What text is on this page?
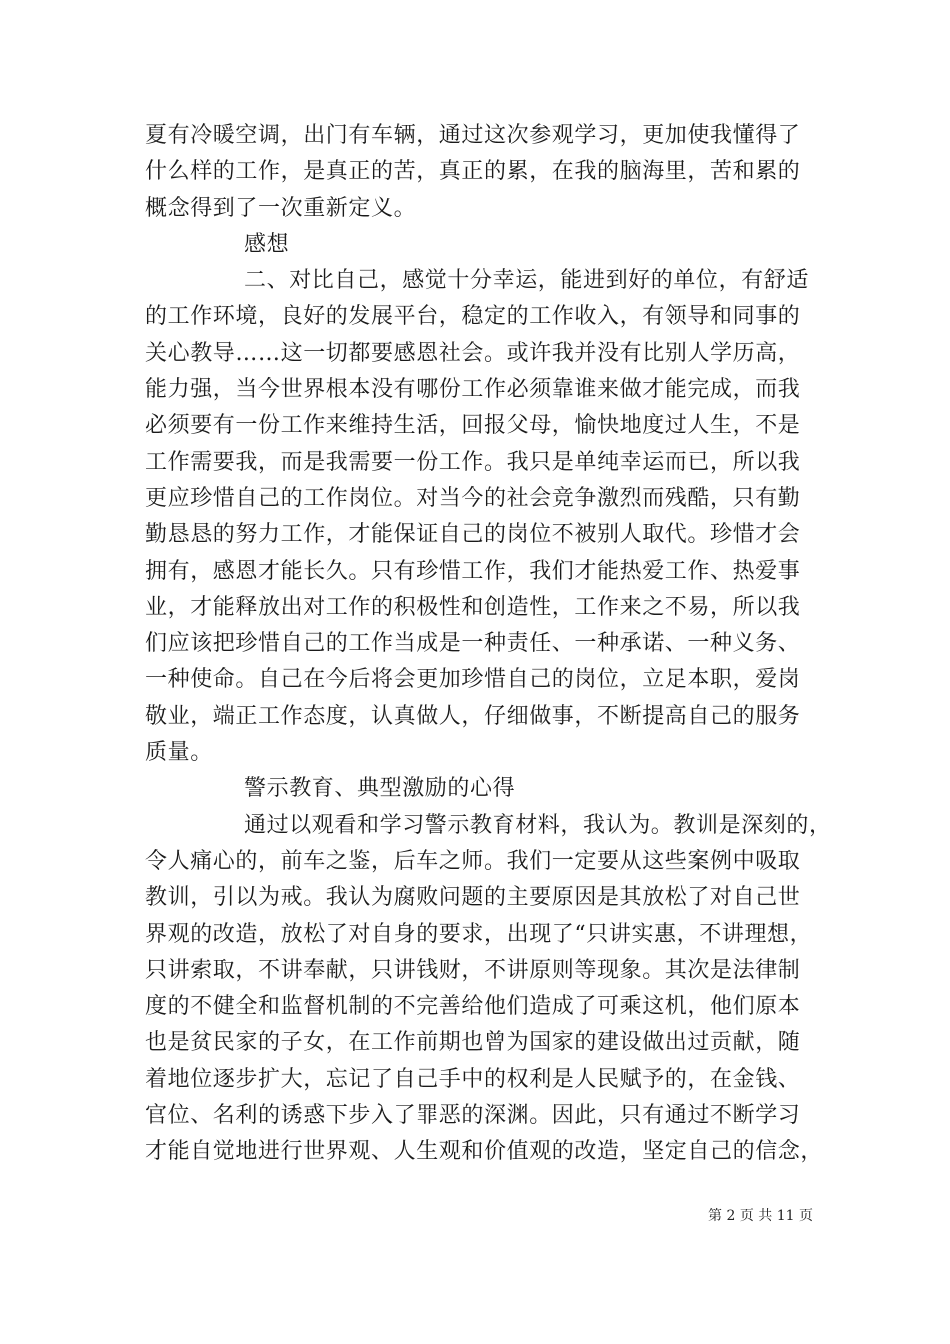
夏有冷暖空调，出门有车辆，通过这次参观学习，更加使我懂得了
什么样的工作，是真正的苦，真正的累，在我的脑海里，苦和累的
概念得到了一次重新定义。
感想
二、对比自己，感觉十分幸运，能进到好的单位，有舒适
的工作环境，良好的发展平台，稳定的工作收入，有领导和同事的
关心教导……这一切都要感恩社会。或许我并没有比别人学历高，
能力强，当今世界根本没有哪份工作必须靠谁来做才能完成，而我
必须要有一份工作来维持生活，回报父母，愉快地度过人生，不是
工作需要我，而是我需要一份工作。我只是单纯幸运而已，所以我
更应珍惜自己的工作岗位。对当今的社会竞争激烈而残酷，只有勤
勤恳恳的努力工作，才能保证自己的岗位不被别人取代。珍惜才会
拥有，感恩才能长久。只有珍惜工作，我们才能热爱工作、热爱事
业，才能释放出对工作的积极性和创造性，工作来之不易，所以我
们应该把珍惜自己的工作当成是一种责任、一种承诺、一种义务、
一种使命。自己在今后将会更加珍惜自己的岗位，立足本职，爱岗
敬业，端正工作态度，认真做人，仔细做事，不断提高自己的服务
质量。
警示教育、典型激励的心得
通过以观看和学习警示教育材料，我认为。教训是深刻的，
令人痛心的，前车之鉴，后车之师。我们一定要从这些案例中吸取
教训，引以为戒。我认为腐败问题的主要原因是其放松了对自己世
界观的改造，放松了对自身的要求，出现了“只讲实惠，不讲理想，
只讲索取，不讲奉献，只讲钱财，不讲原则等现象。其次是法律制
度的不健全和监督机制的不完善给他们造成了可乘这机，他们原本
也是贫民家的子女，在工作前期也曾为国家的建设做出过贡献，随
着地位逐步扩大，忘记了自己手中的权利是人民赋予的，在金钱、
官位、名利的诱惑下步入了罪恶的深渊。因此，只有通过不断学习
才能自觉地进行世界观、人生观和价值观的改造，坚定自己的信念，
第 2 页 共 11 页
